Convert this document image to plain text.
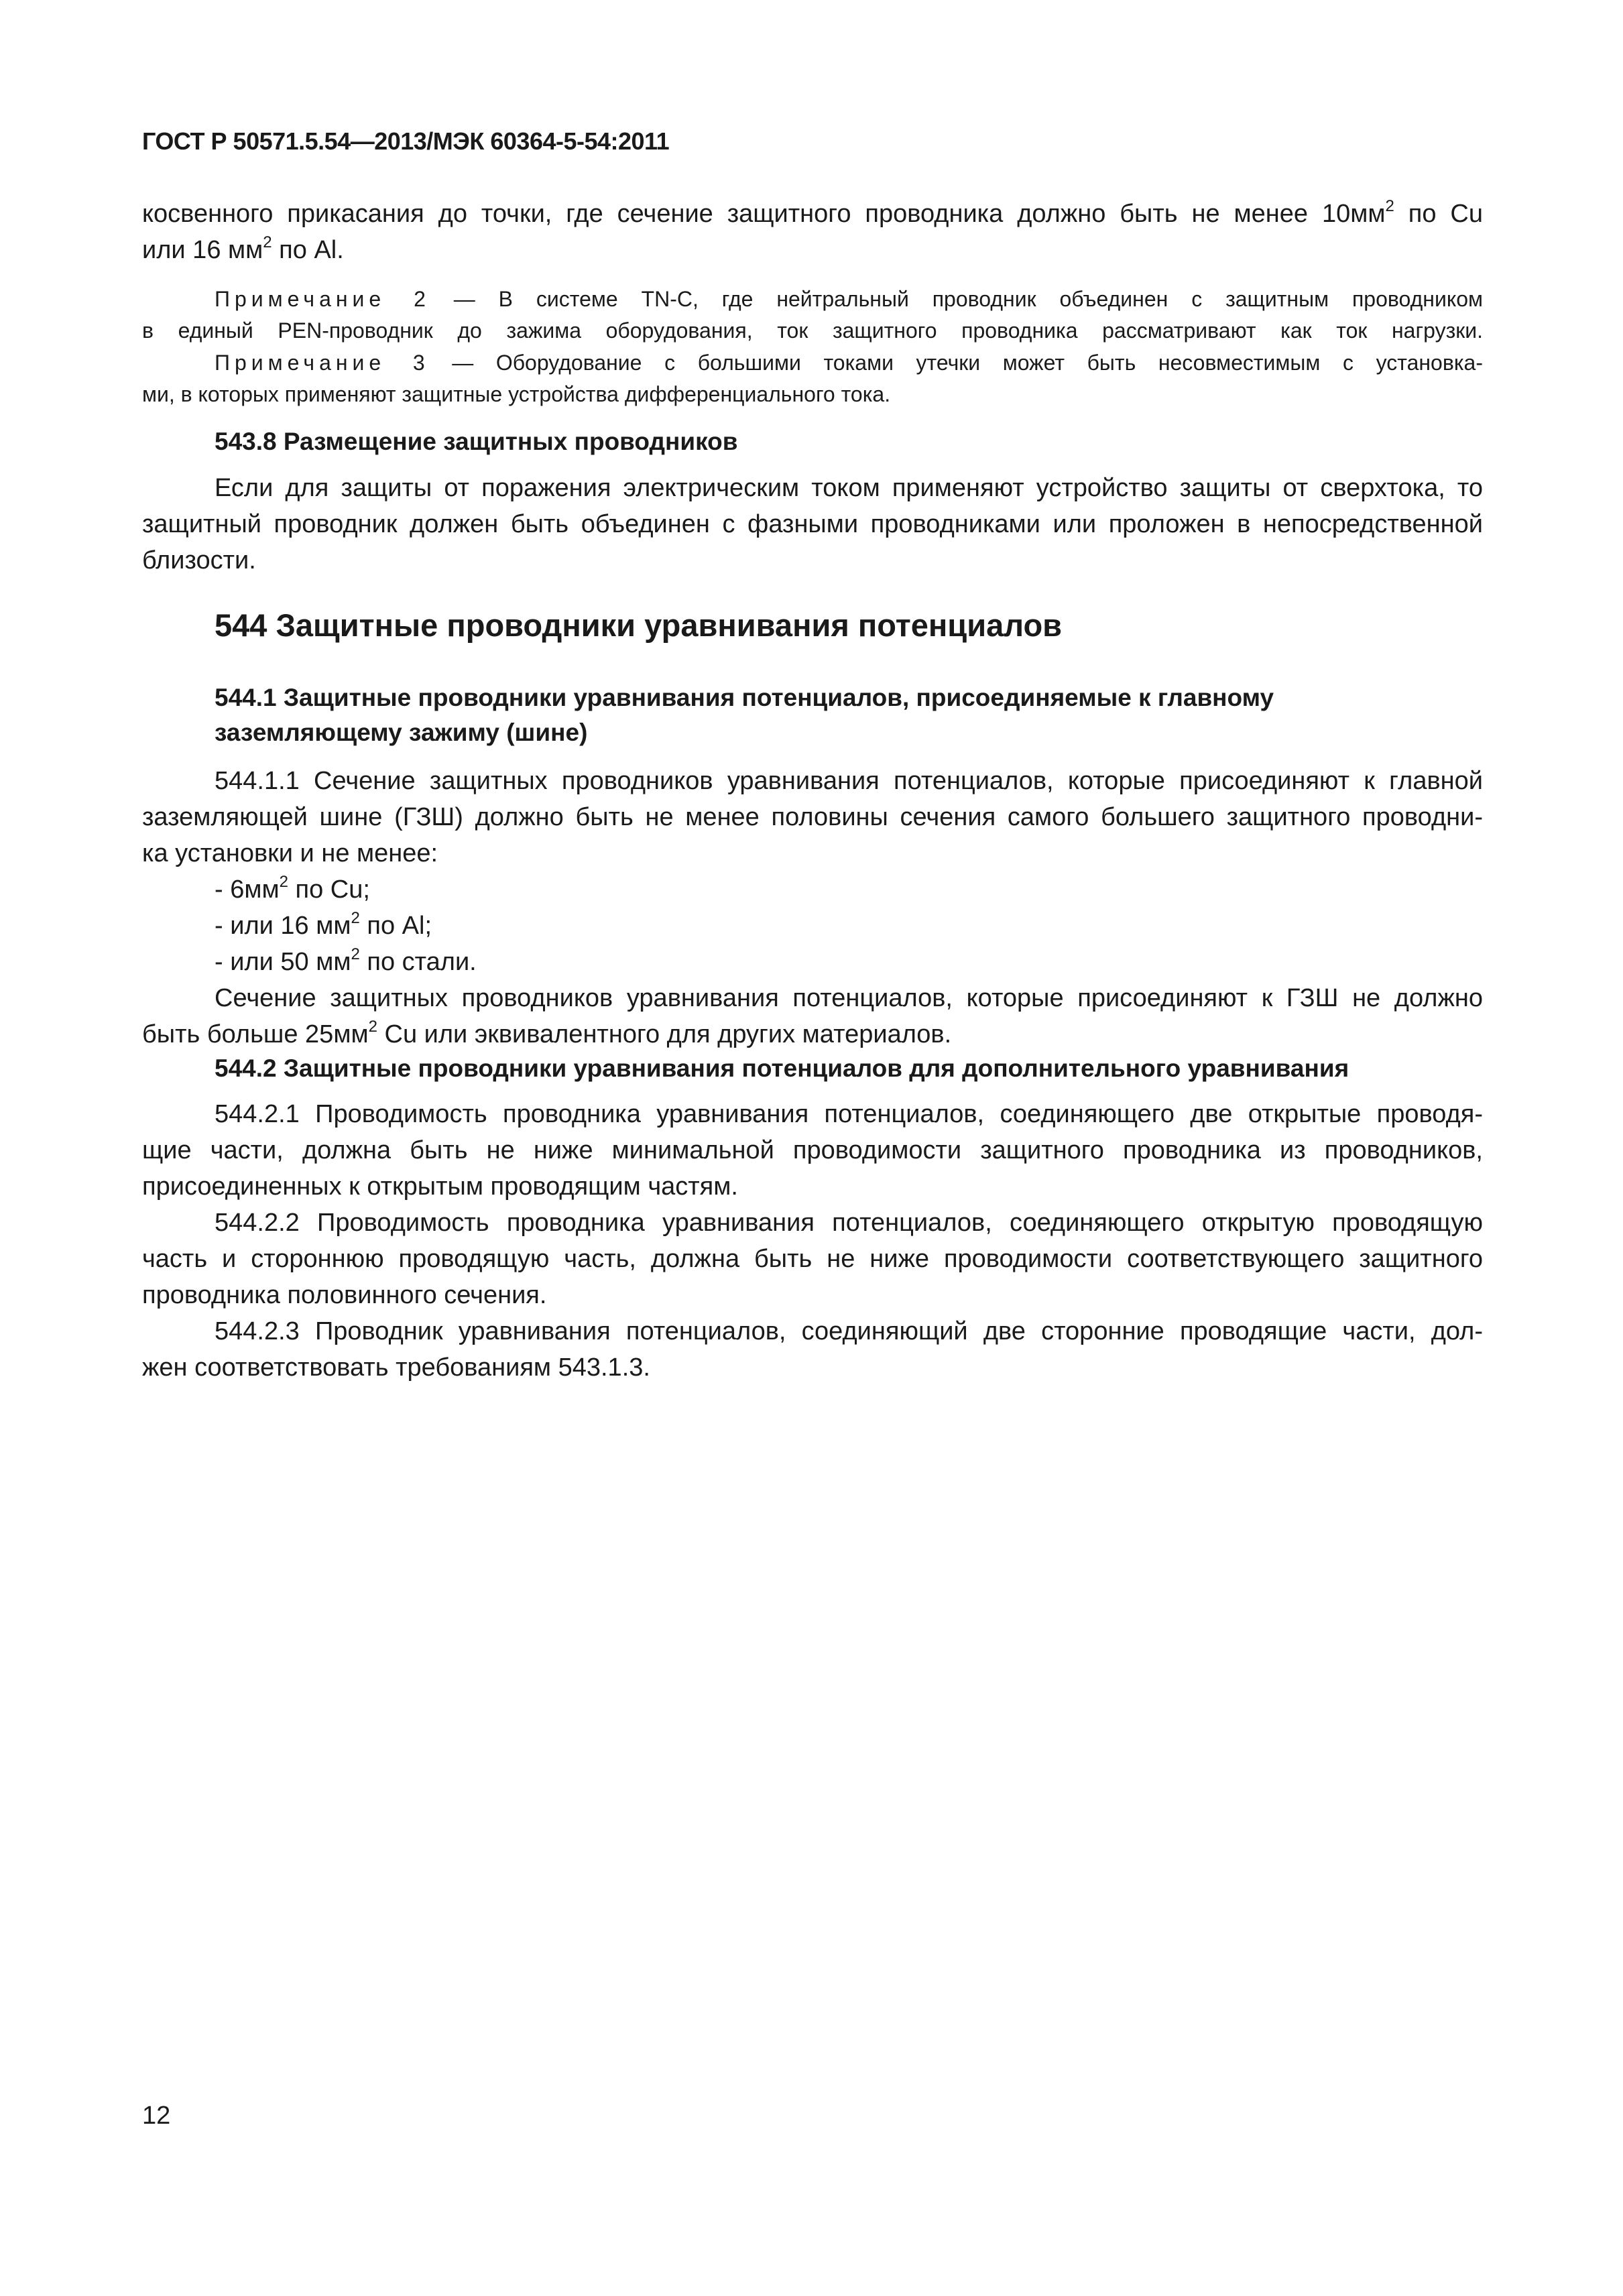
ГОСТ Р 50571.5.54—2013/МЭК 60364-5-54:2011
косвенного прикасания до точки, где сечение защитного проводника должно быть не менее $10мм^2$ по Cu
или 16 $мм^2$ по Al.
Примечание 2 — В системе TN-C, где нейтральный проводник объединен с защитным проводником
в единый PEN-проводник до зажима оборудования, ток защитного проводника рассматривают как ток нагрузки.
Примечание 3 — Оборудование с большими токами утечки может быть несовместимым с установка-
ми, в которых применяют защитные устройства дифференциального тока.
543.8 Размещение защитных проводников
Если для защиты от поражения электрическим током применяют устройство защиты от сверхтока, то
защитный проводник должен быть объединен с фазными проводниками или проложен в непосредственной
близости.
544 Защитные проводники уравнивания потенциалов
544.1 Защитные проводники уравнивания потенциалов, присоединяемые к главному
заземляющему зажиму (шине)
544.1.1 Сечение защитных проводников уравнивания потенциалов, которые присоединяют к главной
заземляющей шине (ГЗШ) должно быть не менее половины сечения самого большего защитного проводни-
ка установки и не менее:
- $6мм^2$ по Cu;
- или 16 $мм^2$ по Al;
- или 50 $мм^2$ по стали.
Сечение защитных проводников уравнивания потенциалов, которые присоединяют к ГЗШ не должно
быть больше $25мм^2$ Cu или эквивалентного для других материалов.
544.2 Защитные проводники уравнивания потенциалов для дополнительного уравнивания
544.2.1 Проводимость проводника уравнивания потенциалов, соединяющего две открытые проводя-
щие части, должна быть не ниже минимальной проводимости защитного проводника из проводников,
присоединенных к открытым проводящим частям.
544.2.2 Проводимость проводника уравнивания потенциалов, соединяющего открытую проводящую
часть и стороннюю проводящую часть, должна быть не ниже проводимости соответствующего защитного
проводника половинного сечения.
544.2.3 Проводник уравнивания потенциалов, соединяющий две сторонние проводящие части, дол-
жен соответствовать требованиям 543.1.3.
12
